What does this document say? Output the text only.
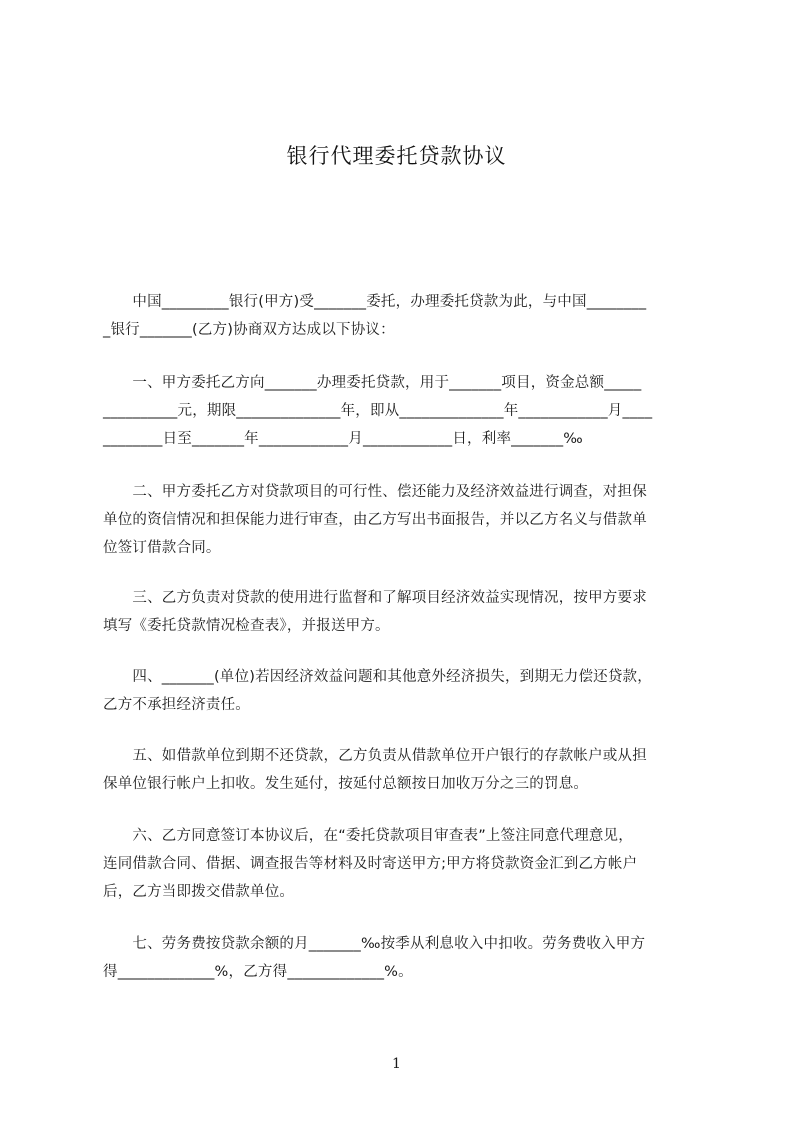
银行代理委托贷款协议
　　中国_________银行(甲方)受_______委托，办理委托贷款为此，与中国________
_银行_______(乙方)协商双方达成以下协议：
　　一、甲方委托乙方向_______办理委托贷款，用于_______项目，资金总额_____
__________元，期限______________年，即从______________年____________月____
________日至_______年____________月____________日，利率_______‰
　　二、甲方委托乙方对贷款项目的可行性、偿还能力及经济效益进行调查，对担保
单位的资信情况和担保能力进行审查，由乙方写出书面报告，并以乙方名义与借款单
位签订借款合同。
　　三、乙方负责对贷款的使用进行监督和了解项目经济效益实现情况，按甲方要求
填写《委托贷款情况检查表》，并报送甲方。
　　四、_______(单位)若因经济效益问题和其他意外经济损失，到期无力偿还贷款，
乙方不承担经济责任。
　　五、如借款单位到期不还贷款，乙方负责从借款单位开户银行的存款帐户或从担
保单位银行帐户上扣收。发生延付，按延付总额按日加收万分之三的罚息。
　　六、乙方同意签订本协议后，在“委托贷款项目审查表”上签注同意代理意见，
连同借款合同、借据、调查报告等材料及时寄送甲方;甲方将贷款资金汇到乙方帐户
后，乙方当即拨交借款单位。
　　七、劳务费按贷款余额的月_______‰按季从利息收入中扣收。劳务费收入甲方
得_____________%，乙方得_____________%。
1
